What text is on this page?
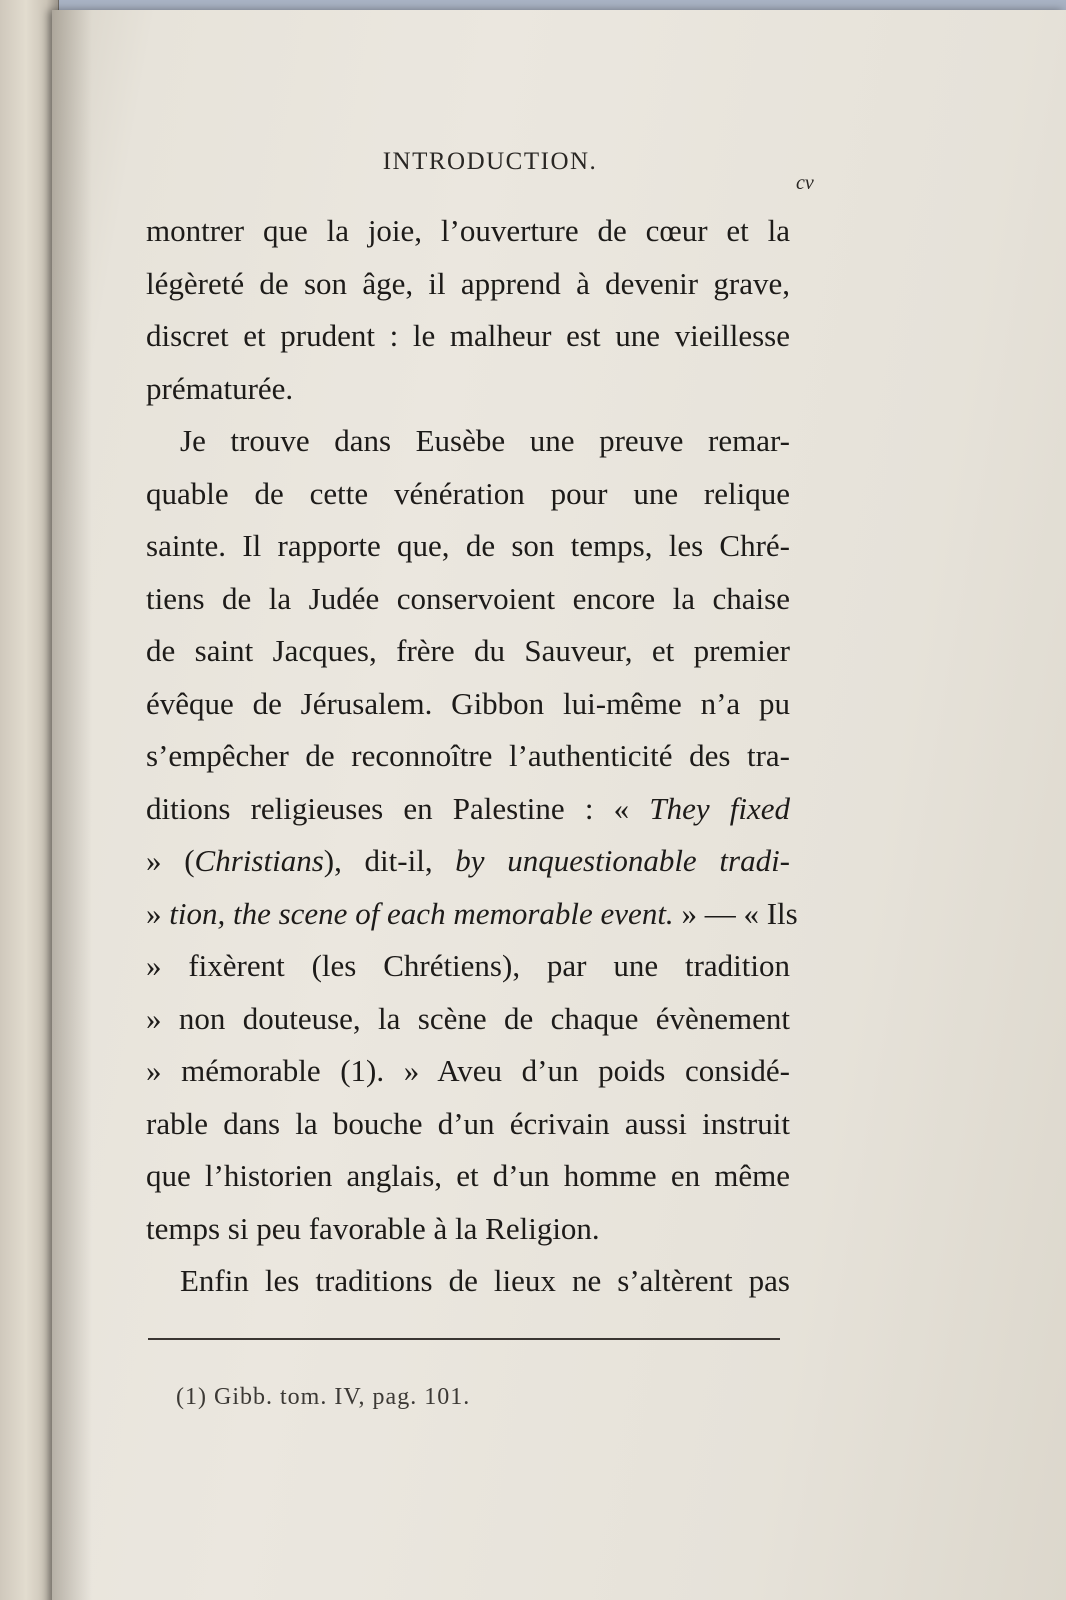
INTRODUCTION.
cv
montrer que la joie, l’ouverture de cœur et la
légèreté de son âge, il apprend à devenir grave,
discret et prudent : le malheur est une vieillesse
prématurée.
Je trouve dans Eusèbe une preuve remar-
quable de cette vénération pour une relique
sainte. Il rapporte que, de son temps, les Chré-
tiens de la Judée conservoient encore la chaise
de saint Jacques, frère du Sauveur, et premier
évêque de Jérusalem. Gibbon lui-même n’a pu
s’empêcher de reconnoître l’authenticité des tra-
ditions religieuses en Palestine : « They fixed
» (Christians), dit-il, by unquestionable tradi-
» tion, the scene of each memorable event. » — « Ils
» fixèrent (les Chrétiens), par une tradition
» non douteuse, la scène de chaque évènement
» mémorable (1). » Aveu d’un poids considé-
rable dans la bouche d’un écrivain aussi instruit
que l’historien anglais, et d’un homme en même
temps si peu favorable à la Religion.
Enfin les traditions de lieux ne s’altèrent pas
(1) Gibb. tom. IV, pag. 101.
